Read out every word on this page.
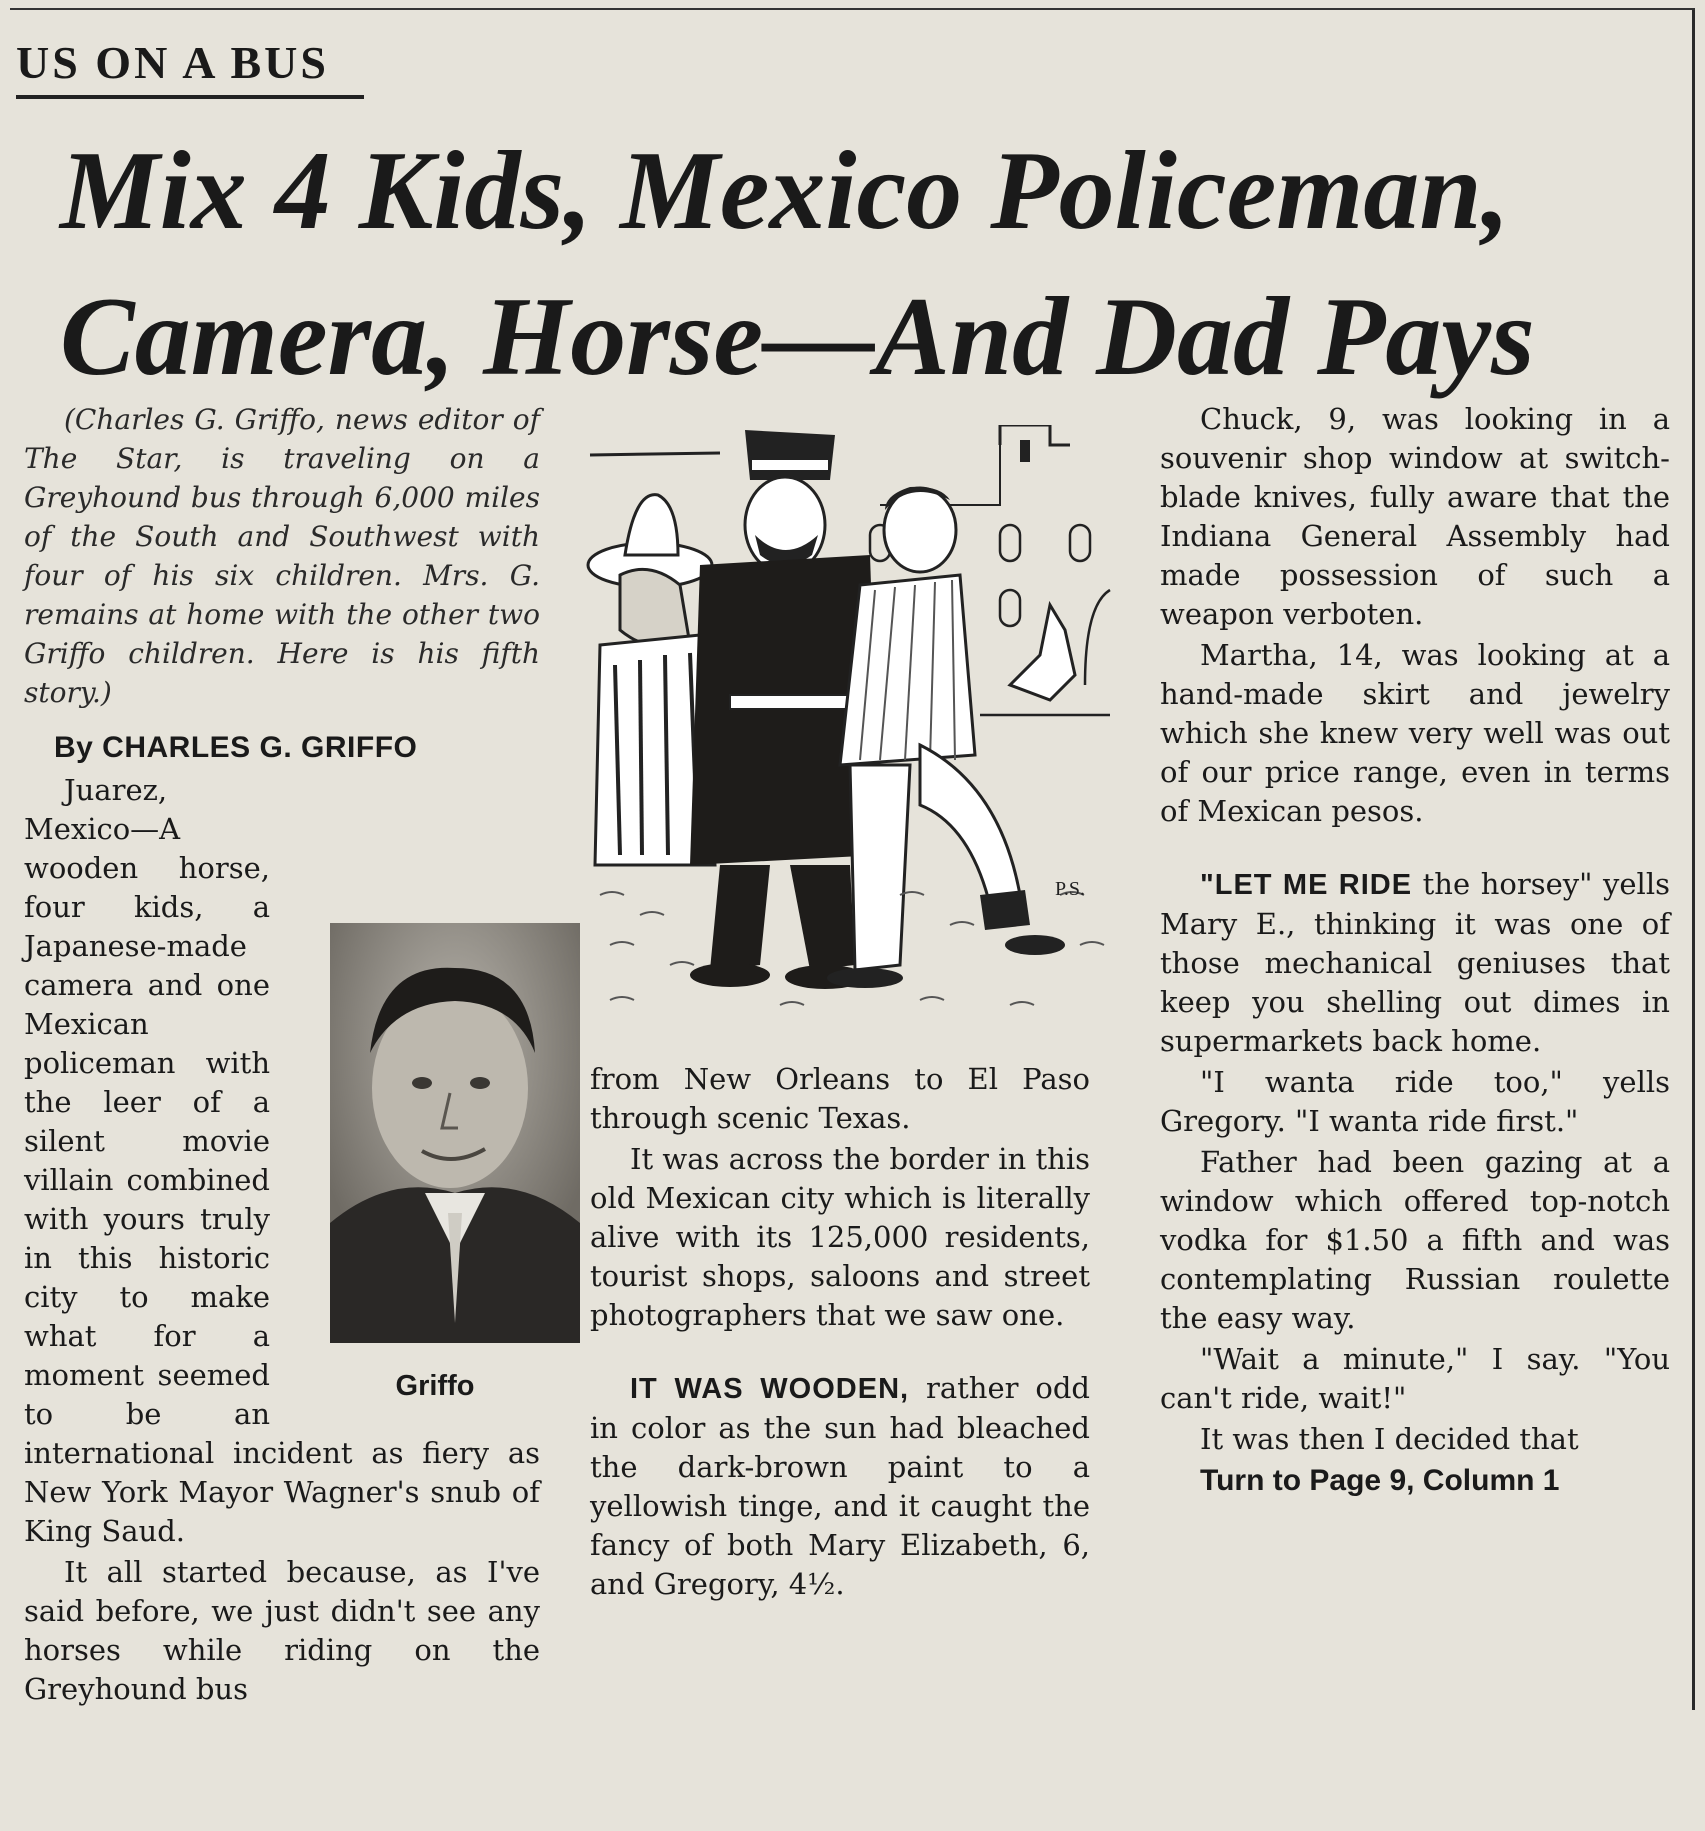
US ON A BUS
Mix 4 Kids, Mexico Policeman,
Camera, Horse—And Dad Pays

(Charles G. Griffo, news editor of The Star, is traveling on a Greyhound bus through 6,000 miles of the South and Southwest with four of his six children. Mrs. G. remains at home with the other two Griffo children. Here is his fifth story.)

By CHARLES G. GRIFFO

Griffo
Juarez, Mexico—A wooden horse, four kids, a Japanese-made camera and one Mexican policeman with the leer of a silent movie villain combined with yours truly in this historic city to make what for a moment seemed to be an international incident as fiery as New York Mayor Wagner's snub of King Saud.

It all started because, as I've said before, we just didn't see any horses while riding on the Greyhound bus

P.S.

from New Orleans to El Paso through scenic Texas.

It was across the border in this old Mexican city which is literally alive with its 125,000 residents, tourist shops, saloons and street photographers that we saw one.

IT WAS WOODEN, rather odd in color as the sun had bleached the dark-brown paint to a yellowish tinge, and it caught the fancy of both Mary Elizabeth, 6, and Gregory, 4½.

Chuck, 9, was looking in a souvenir shop window at switch-blade knives, fully aware that the Indiana General Assembly had made possession of such a weapon verboten.

Martha, 14, was looking at a hand-made skirt and jewelry which she knew very well was out of our price range, even in terms of Mexican pesos.

"LET ME RIDE the horsey" yells Mary E., thinking it was one of those mechanical geniuses that keep you shelling out dimes in supermarkets back home.

"I wanta ride too," yells Gregory. "I wanta ride first."

Father had been gazing at a window which offered top-notch vodka for $1.50 a fifth and was contemplating Russian roulette the easy way.

"Wait a minute," I say. "You can't ride, wait!"

It was then I decided that

Turn to Page 9, Column 1
